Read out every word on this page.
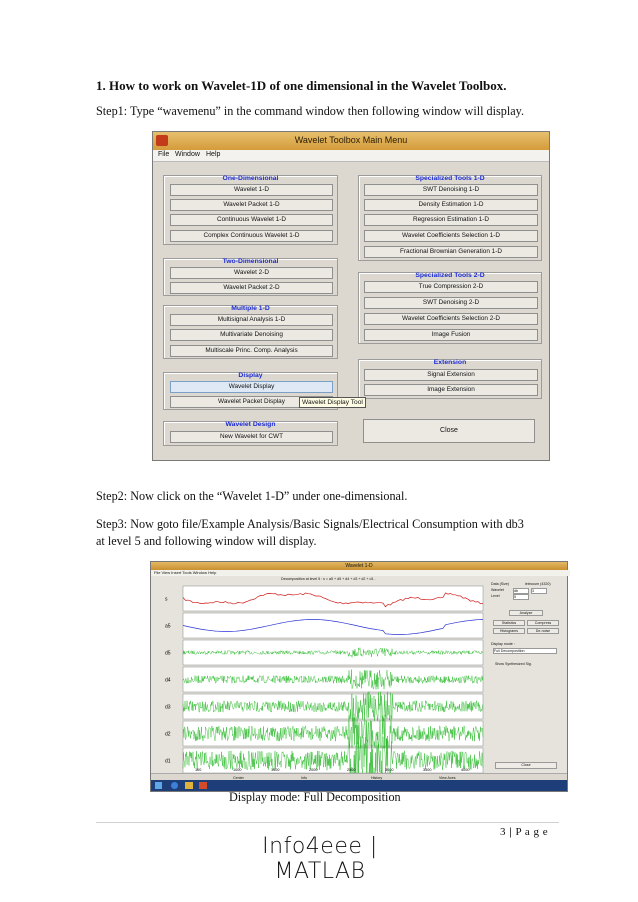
1. How to work on Wavelet-1D of one dimensional in the Wavelet Toolbox.
Step1: Type “wavemenu” in the command window then following window will display.
Wavelet Toolbox Main Menu
File Window Help
One-Dimensional
Wavelet 1-D
Wavelet Packet 1-D
Continuous Wavelet 1-D
Complex Continuous Wavelet 1-D
Two-Dimensional
Wavelet 2-D
Wavelet Packet 2-D
Multiple 1-D
Multisignal Analysis 1-D
Multivariate Denoising
Multiscale Princ. Comp. Analysis
Display
Wavelet Display
Wavelet Packet Display
Wavelet Design
New Wavelet for CWT
Specialized Tools 1-D
SWT Denoising 1-D
Density Estimation 1-D
Regression Estimation 1-D
Wavelet Coefficients Selection 1-D
Fractional Brownian Generation 1-D
Specialized Tools 2-D
True Compression 2-D
SWT Denoising 2-D
Wavelet Coefficients Selection 2-D
Image Fusion
Extension
Signal Extension
Image Extension
Close
Wavelet Display Tool
Step2: Now click on the “Wavelet 1-D” under one-dimensional.
Step3: Now goto file/Example Analysis/Basic Signals/Electrical Consumption with db3
at level 5 and following window will display.
Wavelet 1-D
File View Insert Tools Window Help
Decomposition at level 5 : s = a5 + d5 + d4 + d3 + d2 + d1 .
s
a5
d5
d4
d3
d2
d1
100	1000	1500	2000	2500	3000	3500	4000
Data (Size)	leleccum (4320)
Wavelet	db	3
Level	5
Analyze
Statistics	Compress
Histograms	De-noise
Display mode :
Full Decomposition
Show Synthesized Sig.
Close
Center	Info	History	View Axes
Display mode: Full Decomposition
3 | P a g e
Info4eee | MATLAB
